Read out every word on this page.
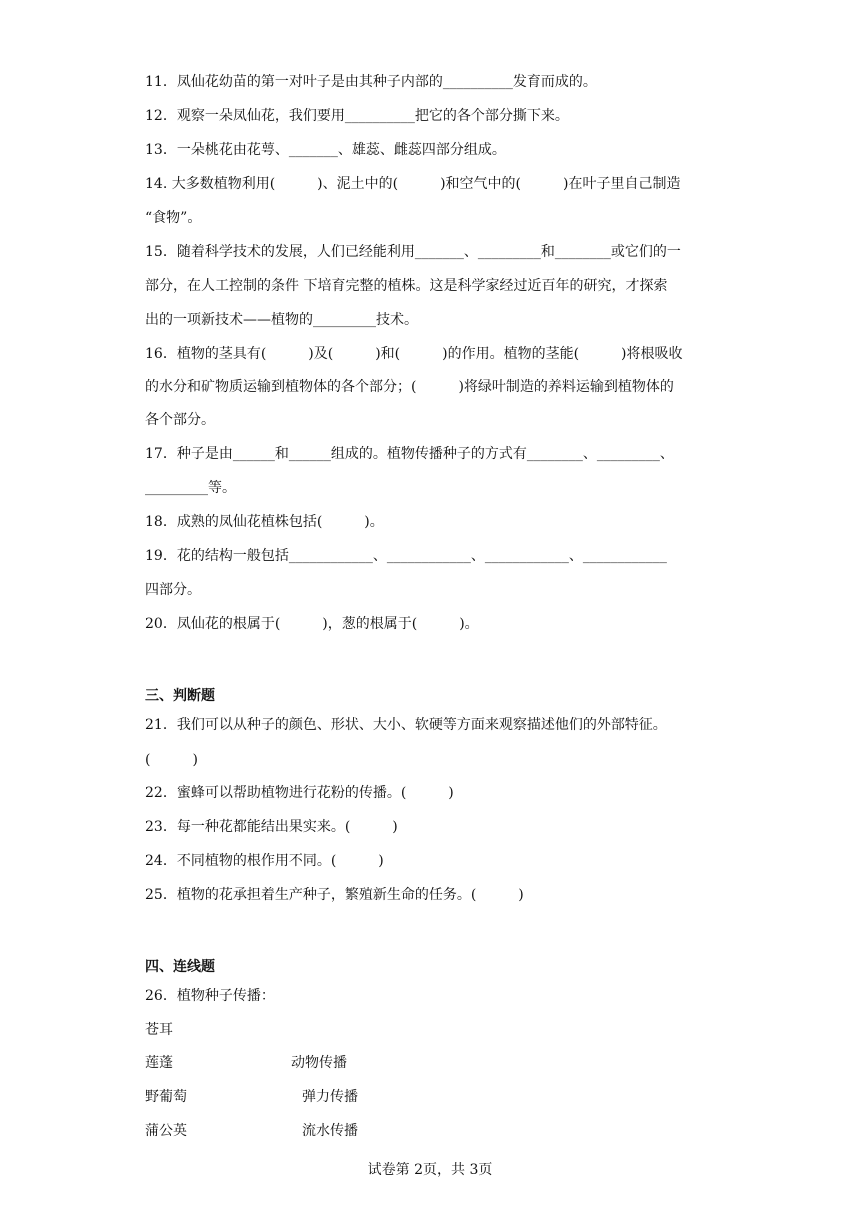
11．凤仙花幼苗的第一对叶子是由其种子内部的__________发育而成的。
12．观察一朵凤仙花，我们要用__________把它的各个部分撕下来。
13．一朵桃花由花萼、_______、雄蕊、雌蕊四部分组成。
14. 大多数植物利用(　　　)、泥土中的(　　　)和空气中的(　　　)在叶子里自己制造
“食物”。
15．随着科学技术的发展，人们已经能利用_______、_________和________或它们的一
部分，在人工控制的条件 下培育完整的植株。这是科学家经过近百年的研究，才探索
出的一项新技术——植物的_________技术。
16．植物的茎具有(　　　)及(　　　)和(　　　)的作用。植物的茎能(　　　)将根吸收
的水分和矿物质运输到植物体的各个部分；(　　　)将绿叶制造的养料运输到植物体的
各个部分。
17．种子是由______和______组成的。植物传播种子的方式有________、_________、
_________等。
18．成熟的凤仙花植株包括(　　　)。
19．花的结构一般包括____________、____________、____________、____________
四部分。
20．凤仙花的根属于(　　　)，葱的根属于(　　　)。
三、判断题
21．我们可以从种子的颜色、形状、大小、软硬等方面来观察描述他们的外部特征。
(　　　)
22．蜜蜂可以帮助植物进行花粉的传播。(　　　)
23．每一种花都能结出果实来。(　　　)
24．不同植物的根作用不同。(　　　)
25．植物的花承担着生产种子，繁殖新生命的任务。(　　　)
四、连线题
26．植物种子传播：
苍耳
莲蓬
野葡萄
蒲公英
动物传播
弹力传播
流水传播
试卷第 2页，共 3页
